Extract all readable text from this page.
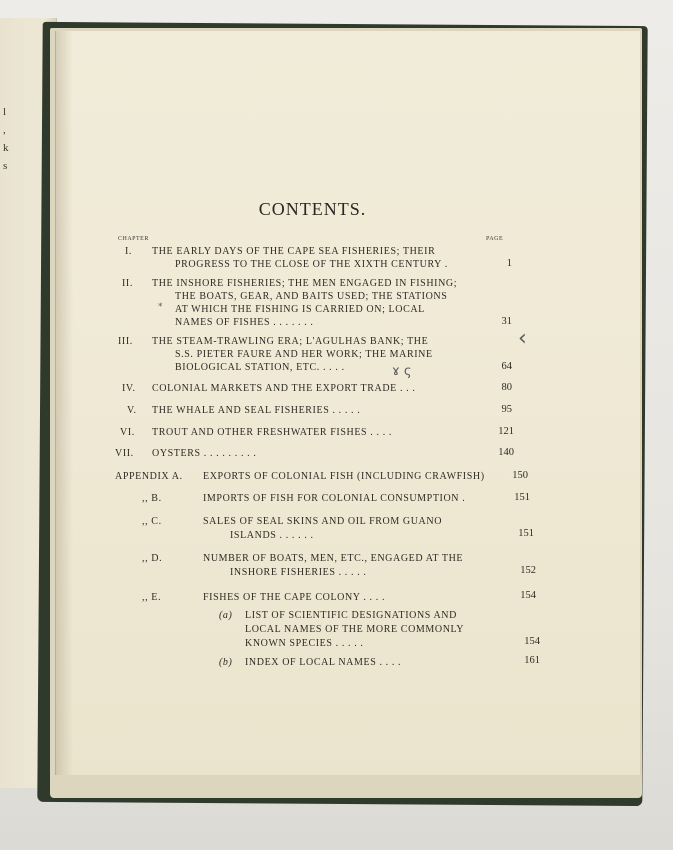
l
,
k
s
CONTENTS.
CHAPTER	PAGE
I. THE EARLY DAYS OF THE CAPE SEA FISHERIES; THEIR
PROGRESS TO THE CLOSE OF THE XIXTH CENTURY .	1
II. THE INSHORE FISHERIES; THE MEN ENGAGED IN FISHING;
THE BOATS, GEAR, AND BAITS USED; THE STATIONS
AT WHICH THE FISHING IS CARRIED ON; LOCAL
NAMES OF FISHES . . . . . . .	31
III. THE STEAM-TRAWLING ERA; L'AGULHAS BANK; THE
S.S. PIETER FAURE AND HER WORK; THE MARINE
BIOLOGICAL STATION, ETC. . . . .	64
IV. COLONIAL MARKETS AND THE EXPORT TRADE . . .	80
V. THE WHALE AND SEAL FISHERIES . . . . .	95
VI. TROUT AND OTHER FRESHWATER FISHES . . . .	121
VII. OYSTERS . . . . . . . . .	140
APPENDIX A. EXPORTS OF COLONIAL FISH (INCLUDING CRAWFISH)	150
,, B.	IMPORTS OF FISH FOR COLONIAL CONSUMPTION .	151
,, C.	SALES OF SEAL SKINS AND OIL FROM GUANO
ISLANDS . . . . . .	151
,, D.	NUMBER OF BOATS, MEN, ETC., ENGAGED AT THE
INSHORE FISHERIES . . . . .	152
,, E.	FISHES OF THE CAPE COLONY . . . .	154
(a) LIST OF SCIENTIFIC DESIGNATIONS AND
LOCAL NAMES OF THE MORE COMMONLY
KNOWN SPECIES . . . . .	154
(b) INDEX OF LOCAL NAMES . . . .	161
‹
ɤ ς
*
